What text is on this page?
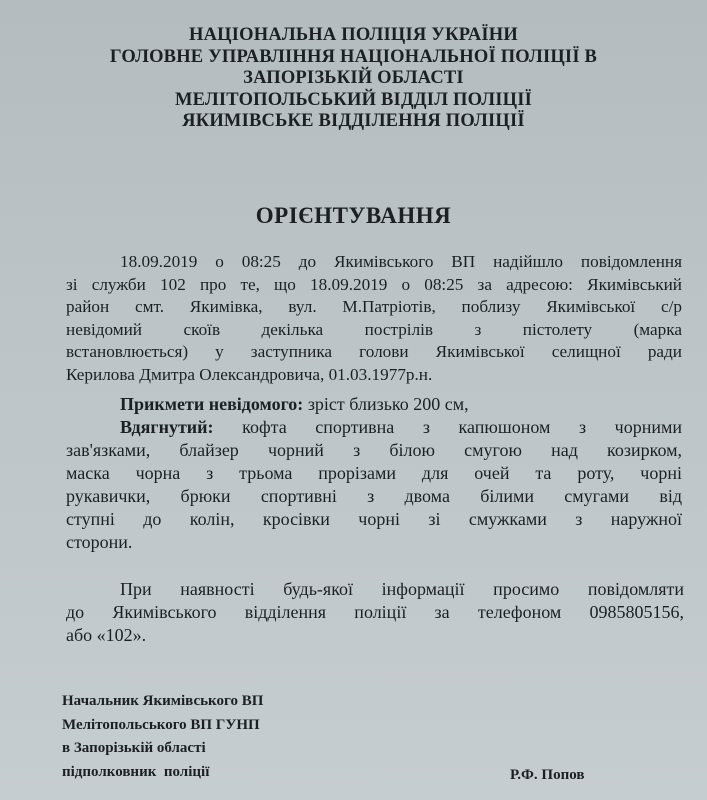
НАЦІОНАЛЬНА ПОЛІЦІЯ УКРАЇНИ
ГОЛОВНЕ УПРАВЛІННЯ НАЦІОНАЛЬНОЇ ПОЛІЦІЇ В
ЗАПОРІЗЬКІЙ ОБЛАСТІ
МЕЛІТОПОЛЬСЬКИЙ ВІДДІЛ ПОЛІЦІЇ
ЯКИМІВСЬКЕ ВІДДІЛЕННЯ ПОЛІЦІЇ
ОРІЄНТУВАННЯ
18.09.2019 о 08:25 до Якимівського ВП надійшло повідомлення
зі служби 102 про те, що 18.09.2019 о 08:25 за адресою: Якимівський
район смт. Якимівка, вул. М.Патріотів, поблизу Якимівської с/р
невідомий скоїв декілька пострілів з пістолету (марка
встановлюється) у заступника голови Якимівської селищної ради
Керилова Дмитра Олександровича, 01.03.1977р.н.
Прикмети невідомого: зріст близько 200 см,
Вдягнутий: кофта спортивна з капюшоном з чорними
зав'язками, блайзер чорний з білою смугою над козирком,
маска чорна з трьома прорізами для очей та роту, чорні
рукавички, брюки спортивні з двома білими смугами від
ступні до колін, кросівки чорні зі смужками з наружної
сторони.
При наявності будь-якої інформації просимо повідомляти
до Якимівського відділення поліції за телефоном 0985805156,
або «102».
Начальник Якимівського ВП
Мелітопольського ВП ГУНП
в Запорізькій області
підполковник  поліції	Р.Ф. Попов
